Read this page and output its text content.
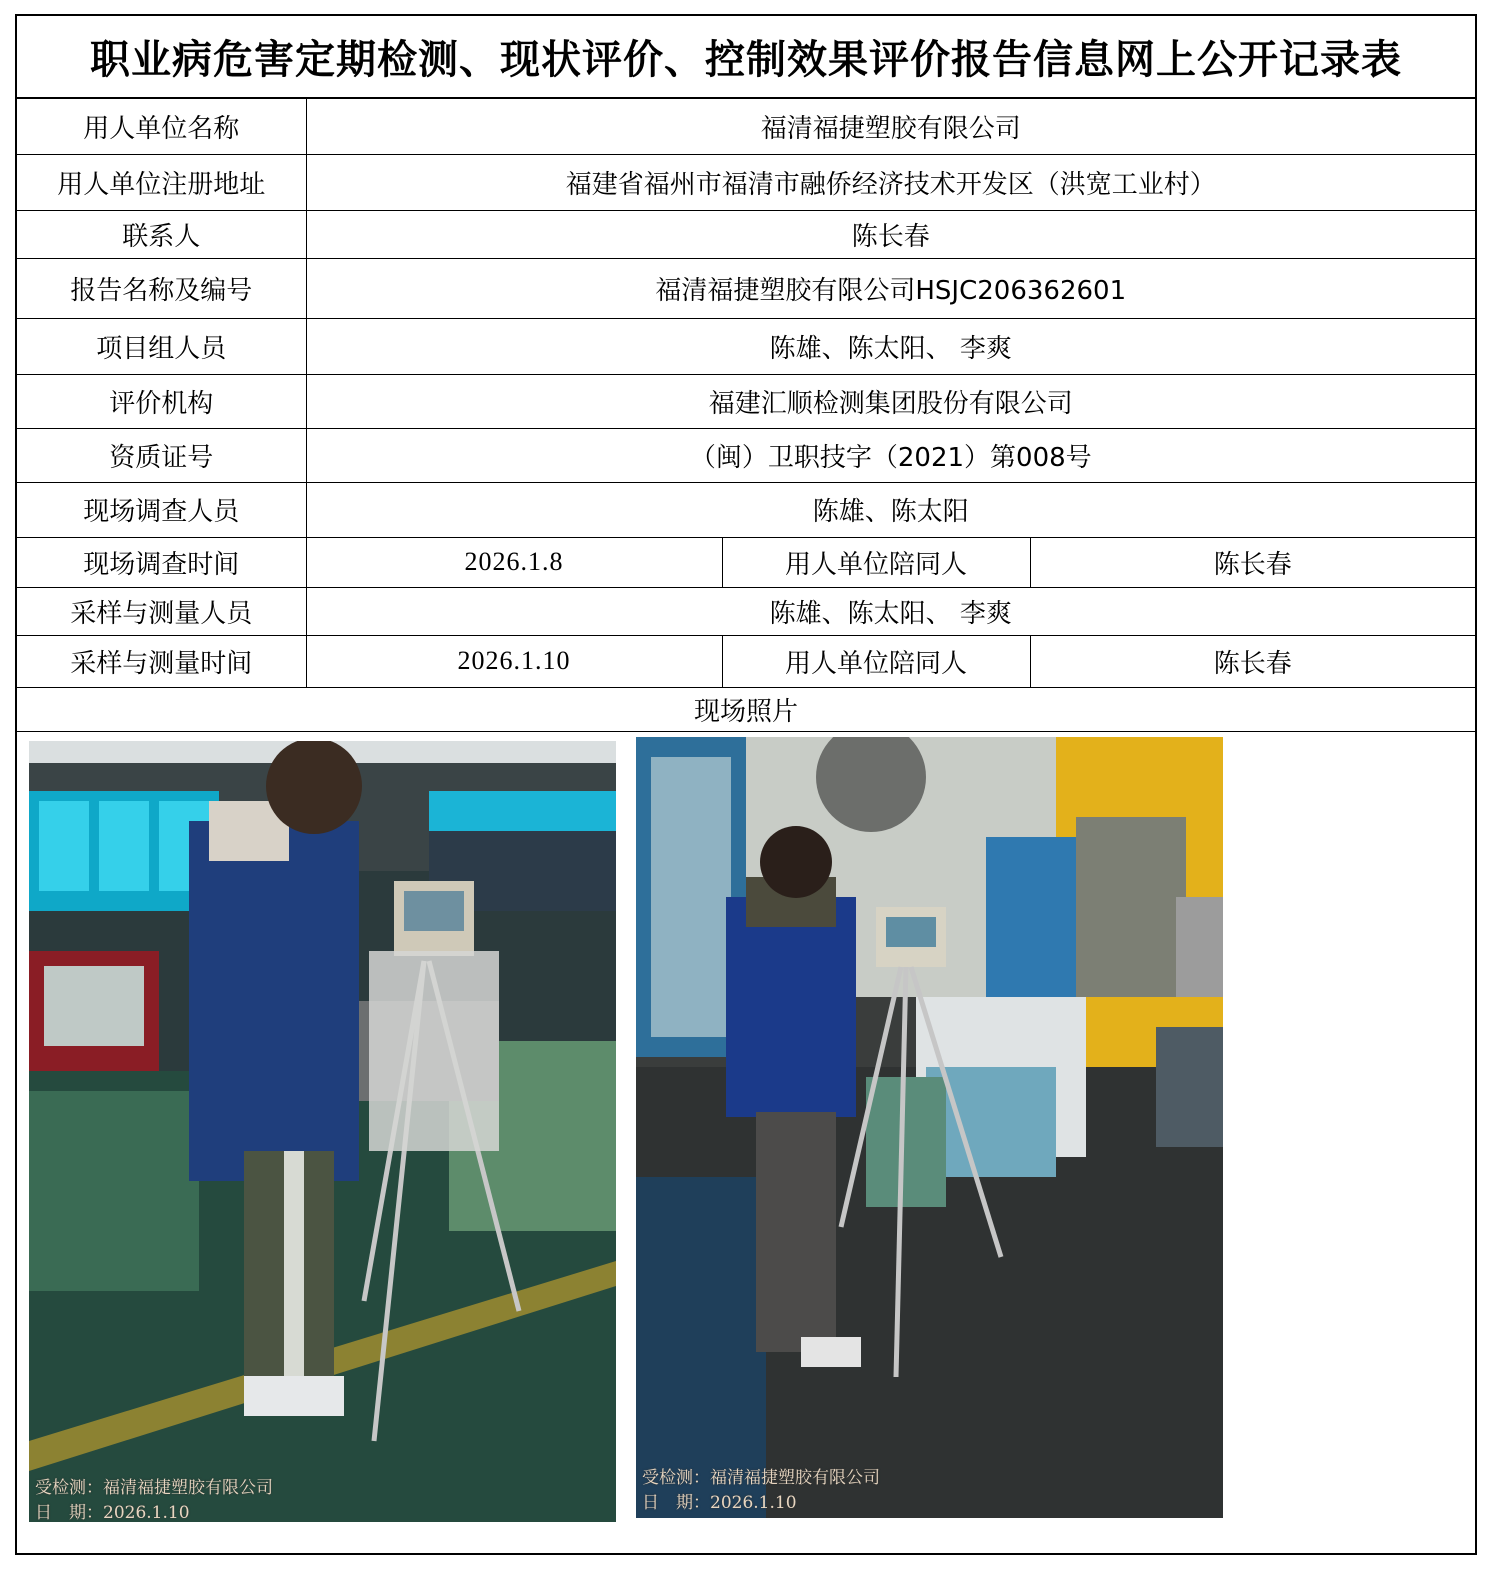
职业病危害定期检测、现状评价、控制效果评价报告信息网上公开记录表
用人单位名称	福清福捷塑胶有限公司		
用人单位注册地址	福建省福州市福清市融侨经济技术开发区（洪宽工业村）		
联系人	陈长春		
报告名称及编号	福清福捷塑胶有限公司HSJC206362601		
项目组人员	陈雄、陈太阳、 李爽		
评价机构	福建汇顺检测集团股份有限公司		
资质证号	（闽）卫职技字（2021）第008号		
现场调查人员	陈雄、陈太阳		
现场调查时间	2026.1.8	用人单位陪同人	陈长春
采样与测量人员	陈雄、陈太阳、 李爽		
采样与测量时间	2026.1.10	用人单位陪同人	陈长春
现场照片			
受检测：福清福捷塑胶有限公司
日　期：2026.1.10
受检测：福清福捷塑胶有限公司
日　期：2026.1.10
